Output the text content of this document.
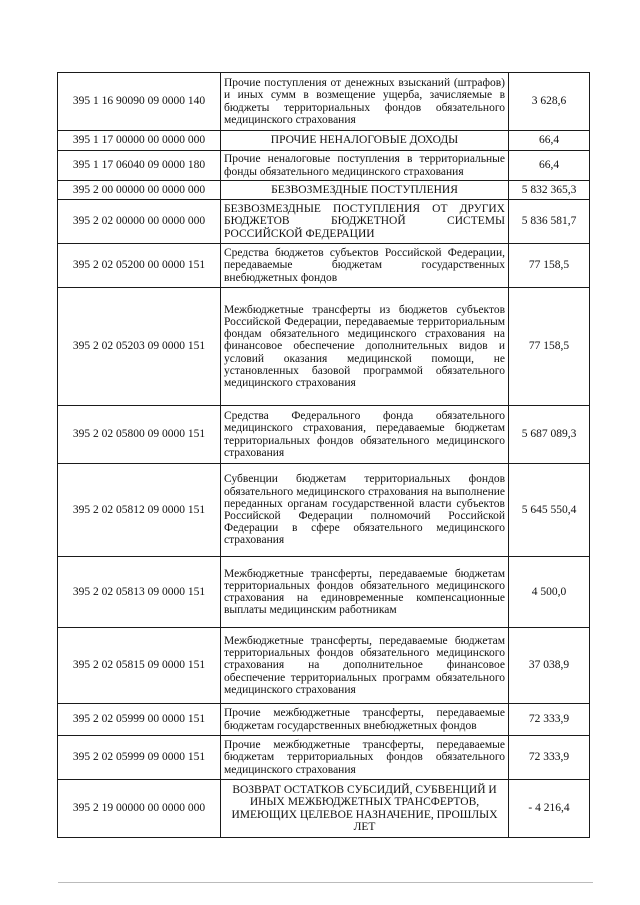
395 1 16 90090 09 0000 140	Прочие поступления от денежных взысканий (штрафов) и иных сумм в возмещение ущерба, зачисляемые в бюджеты территориальных фондов обязательного медицинского страхования	3 628,6
395 1 17 00000 00 0000 000	ПРОЧИЕ НЕНАЛОГОВЫЕ ДОХОДЫ	66,4
395 1 17 06040 09 0000 180	Прочие неналоговые поступления в территориальные фонды обязательного медицинского страхования	66,4
395 2 00 00000 00 0000 000	БЕЗВОЗМЕЗДНЫЕ ПОСТУПЛЕНИЯ	5 832 365,3
395 2 02 00000 00 0000 000	БЕЗВОЗМЕЗДНЫЕ ПОСТУПЛЕНИЯ ОТ ДРУГИХ БЮДЖЕТОВ БЮДЖЕТНОЙ СИСТЕМЫ РОССИЙСКОЙ ФЕДЕРАЦИИ	5 836 581,7
395 2 02 05200 00 0000 151	Средства бюджетов субъектов Российской Федерации, передаваемые бюджетам государственных внебюджетных фондов	77 158,5
395 2 02 05203 09 0000 151	Межбюджетные трансферты из бюджетов субъектов Российской Федерации, передаваемые территориальным фондам обязательного медицинского страхования на финансовое обеспечение дополнительных видов и условий оказания медицинской помощи, не установленных базовой программой обязательного медицинского страхования	77 158,5
395 2 02 05800 09 0000 151	Средства Федерального фонда обязательного медицинского страхования, передаваемые бюджетам территориальных фондов обязательного медицинского страхования	5 687 089,3
395 2 02 05812 09 0000 151	Субвенции бюджетам территориальных фондов обязательного медицинского страхования на выполнение переданных органам государственной власти субъектов Российской Федерации полномочий Российской Федерации в сфере обязательного медицинского страхования	5 645 550,4
395 2 02 05813 09 0000 151	Межбюджетные трансферты, передаваемые бюджетам территориальных фондов обязательного медицинского страхования на единовременные компенсационные выплаты медицинским работникам	4 500,0
395 2 02 05815 09 0000 151	Межбюджетные трансферты, передаваемые бюджетам территориальных фондов обязательного медицинского страхования на дополнительное финансовое обеспечение территориальных программ обязательного медицинского страхования	37 038,9
395 2 02 05999 00 0000 151	Прочие межбюджетные трансферты, передаваемые бюджетам государственных внебюджетных фондов	72 333,9
395 2 02 05999 09 0000 151	Прочие межбюджетные трансферты, передаваемые бюджетам территориальных фондов обязательного медицинского страхования	72 333,9
395 2 19 00000 00 0000 000	ВОЗВРАТ ОСТАТКОВ СУБСИДИЙ, СУБВЕНЦИЙ И ИНЫХ МЕЖБЮДЖЕТНЫХ ТРАНСФЕРТОВ, ИМЕЮЩИХ ЦЕЛЕВОЕ НАЗНАЧЕНИЕ, ПРОШЛЫХ ЛЕТ	- 4 216,4
